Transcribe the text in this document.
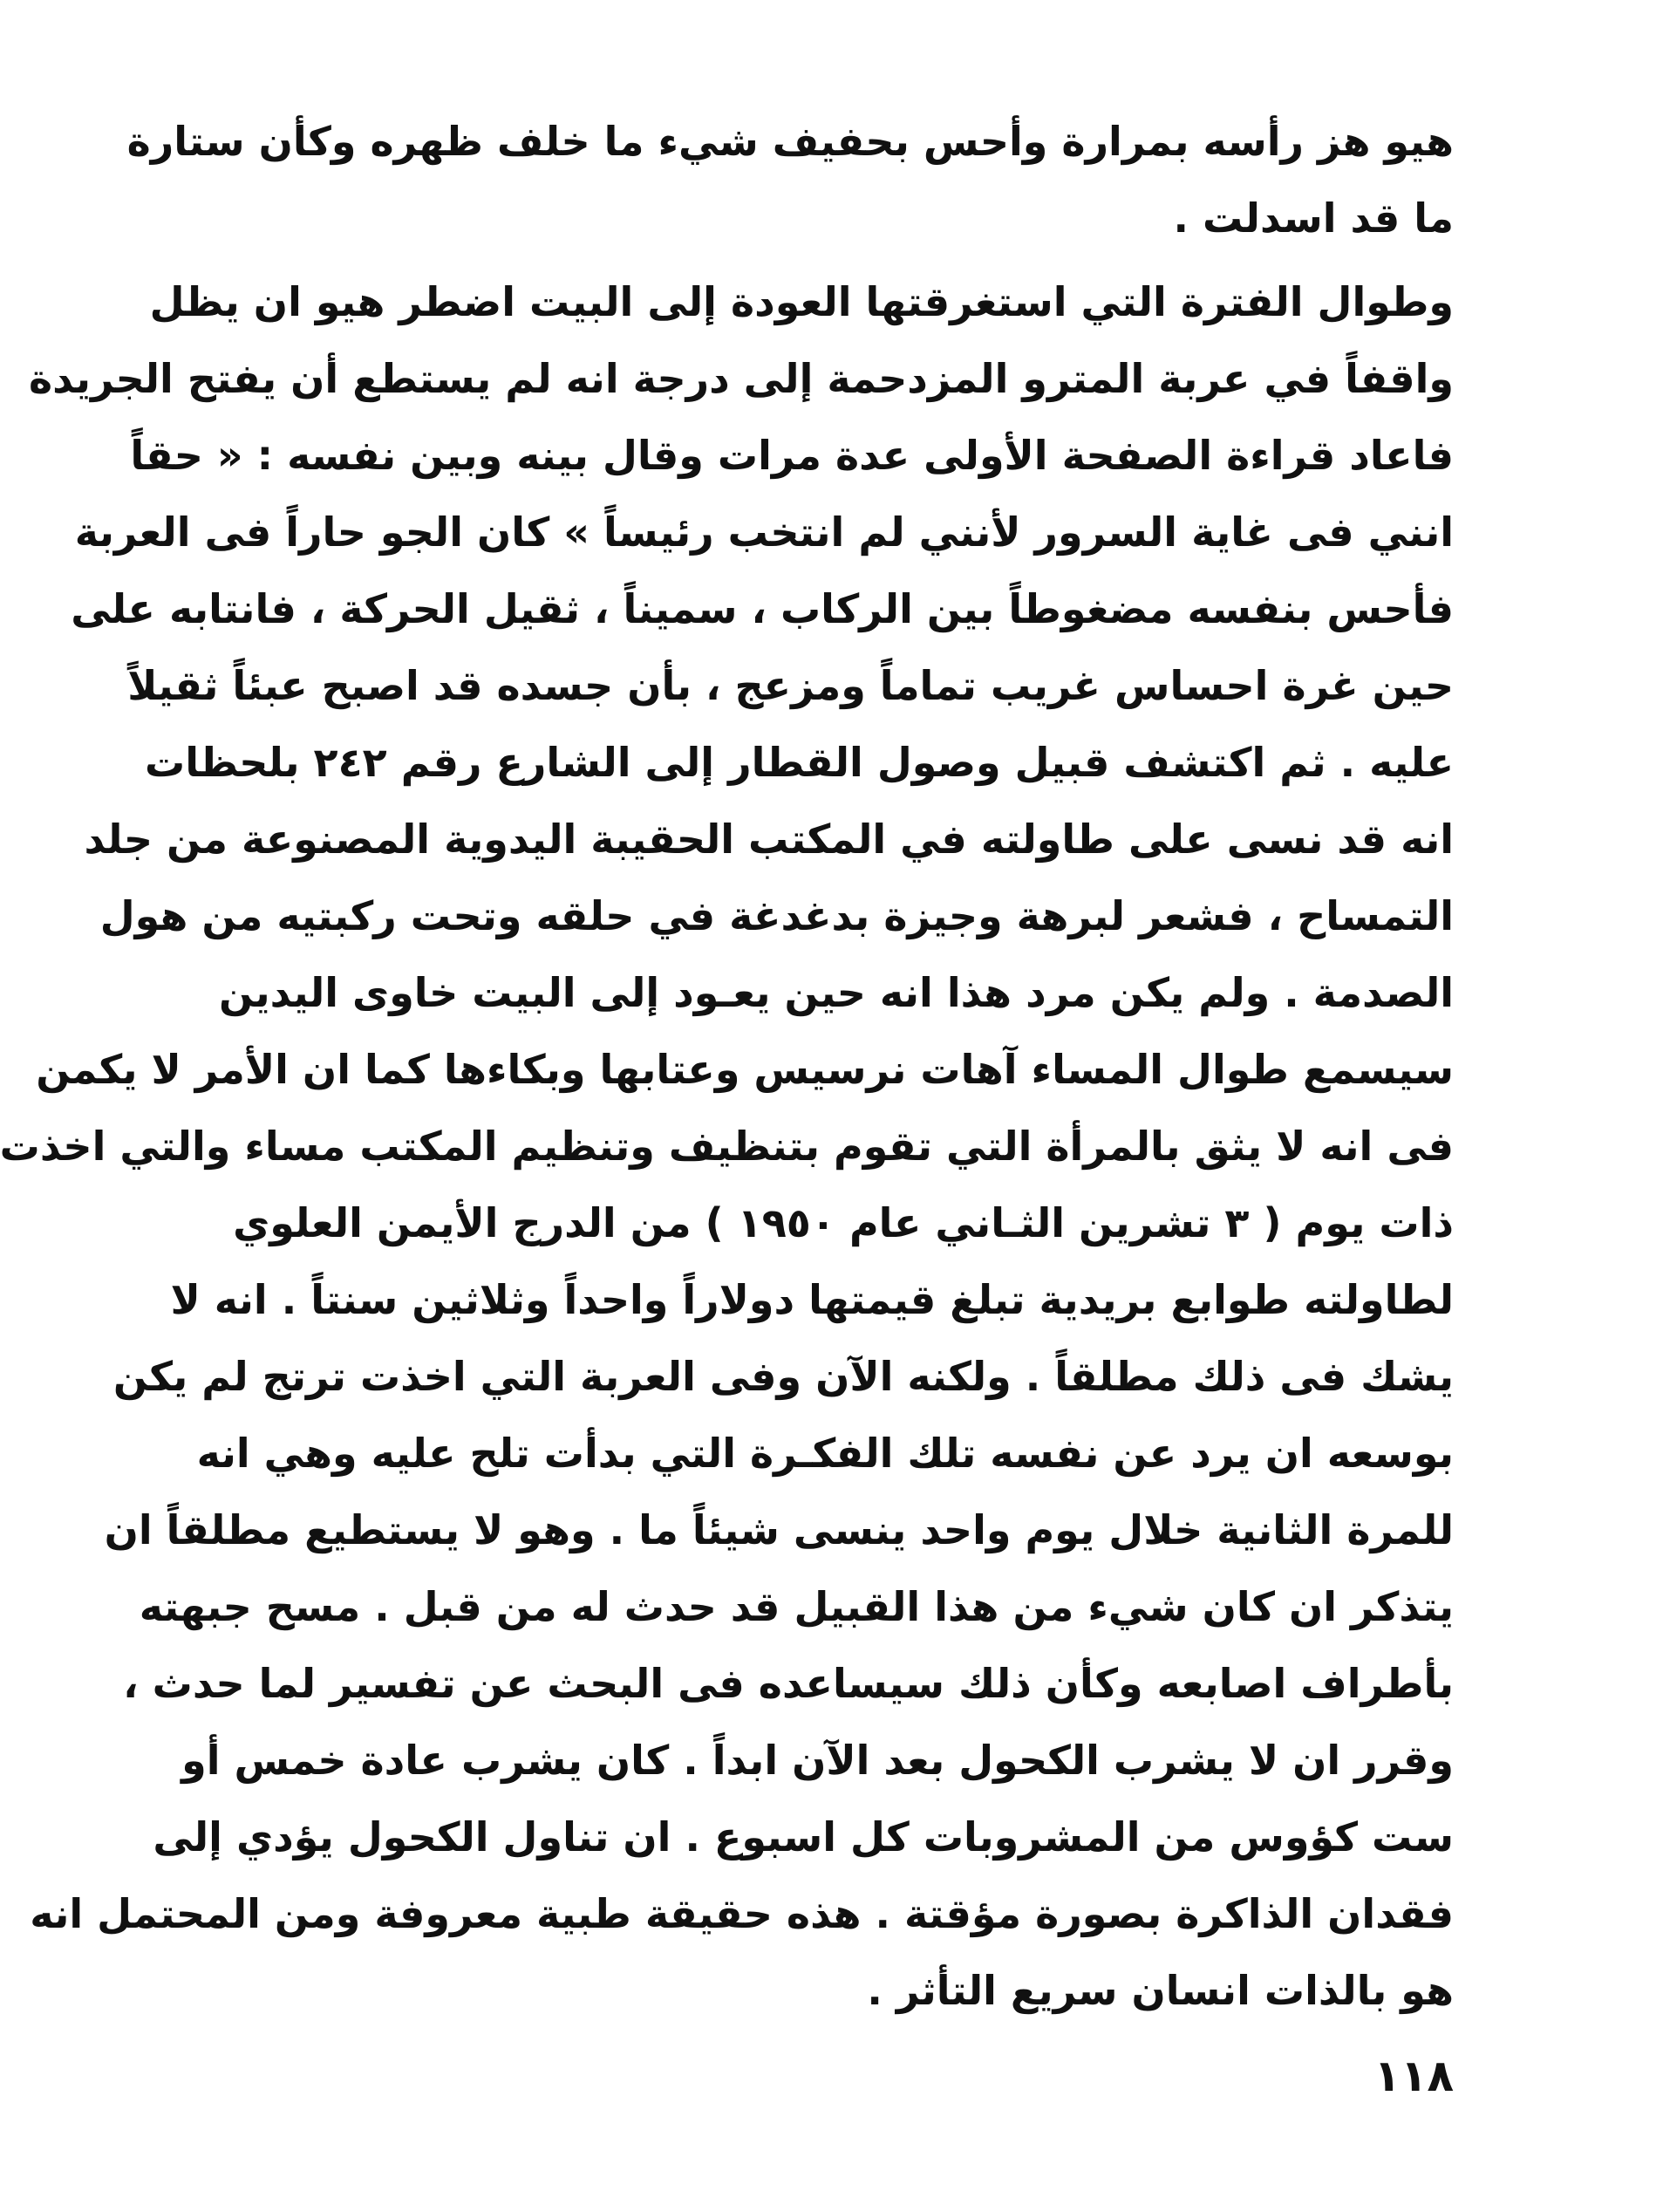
هيو هز رأسه بمرارة وأحس بحفيف شيء ما خلف ظهره وكأن ستارة
ما قد اسدلت .
وطوال الفترة التي استغرقتها العودة إلى البيت اضطر هيو ان يظل
واقفاً في عربة المترو المزدحمة إلى درجة انه لم يستطع أن يفتح الجريدة
فاعاد قراءة الصفحة الأولى عدة مرات وقال بينه وبين نفسه : « حقاً
انني فى غاية السرور لأنني لم انتخب رئيساً » كان الجو حاراً فى العربة
فأحس بنفسه مضغوطاً بين الركاب ، سميناً ، ثقيل الحركة ، فانتابه على
حين غرة احساس غريب تماماً ومزعج ، بأن جسده قد اصبح عبئاً ثقيلاً
عليه . ثم اكتشف قبيل وصول القطار إلى الشارع رقم ٢٤٢ بلحظات
انه قد نسى على طاولته في المكتب الحقيبة اليدوية المصنوعة من جلد
التمساح ، فشعر لبرهة وجيزة بدغدغة في حلقه وتحت ركبتيه من هول
الصدمة . ولم يكن مرد هذا انه حين يعـود إلى البيت خاوى اليدين
سيسمع طوال المساء آهات نرسيس وعتابها وبكاءها كما ان الأمر لا يكمن
فى انه لا يثق بالمرأة التي تقوم بتنظيف وتنظيم المكتب مساء والتي اخذت
ذات يوم ( ٣ تشرين الثـاني عام ١٩٥٠ ) من الدرج الأيمن العلوي
لطاولته طوابع بريدية تبلغ قيمتها دولاراً واحداً وثلاثين سنتاً . انه لا
يشك فى ذلك مطلقاً . ولكنه الآن وفى العربة التي اخذت ترتج لم يكن
بوسعه ان يرد عن نفسه تلك الفكـرة التي بدأت تلح عليه وهي انه
للمرة الثانية خلال يوم واحد ينسى شيئاً ما . وهو لا يستطيع مطلقاً ان
يتذكر ان كان شيء من هذا القبيل قد حدث له من قبل . مسح جبهته
بأطراف اصابعه وكأن ذلك سيساعده فى البحث عن تفسير لما حدث ،
وقرر ان لا يشرب الكحول بعد الآن ابداً . كان يشرب عادة خمس أو
ست كؤوس من المشروبات كل اسبوع . ان تناول الكحول يؤدي إلى
فقدان الذاكرة بصورة مؤقتة . هذه حقيقة طبية معروفة ومن المحتمل انه
هو بالذات انسان سريع التأثر .
١١٨
